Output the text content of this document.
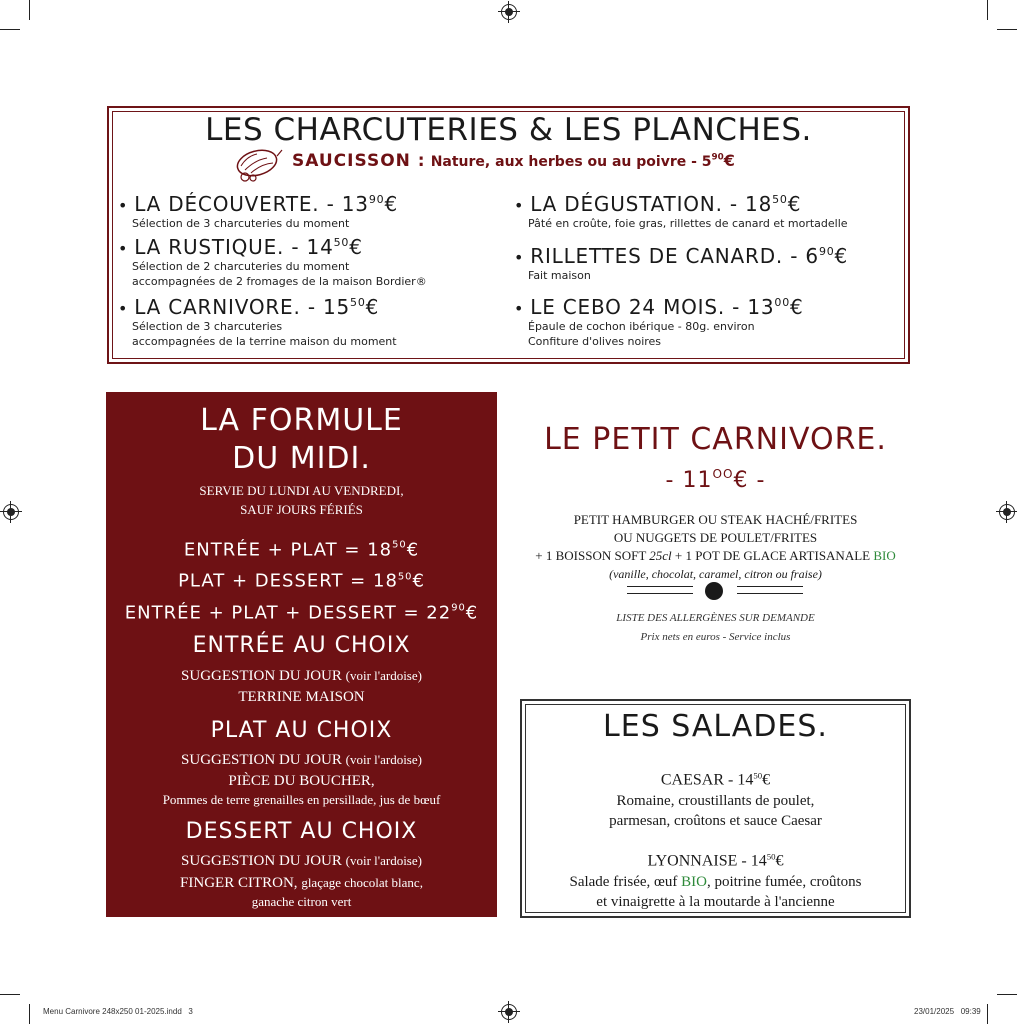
LES CHARCUTERIES & LES PLANCHES.
SAUCISSON : Nature, aux herbes ou au poivre - $5^{90}€$
• LA DÉCOUVERTE. - $13^{90}€$
Sélection de 3 charcuteries du moment
• LA RUSTIQUE. - $14^{50}€$
Sélection de 2 charcuteries du moment
accompagnées de 2 fromages de la maison Bordier®
• LA CARNIVORE. - $15^{50}€$
Sélection de 3 charcuteries
accompagnées de la terrine maison du moment
• LA DÉGUSTATION. - $18^{50}€$
Pâté en croûte, foie gras, rillettes de canard et mortadelle
• RILLETTES DE CANARD. - $6^{90}€$
Fait maison
• LE CEBO 24 MOIS. - $13^{00}€$
Épaule de cochon ibérique - 80g. environ
Confiture d'olives noires
LA FORMULE
DU MIDI.
SERVIE DU LUNDI AU VENDREDI,
SAUF JOURS FÉRIÉS
ENTRÉE + PLAT = $18^{50}€$
PLAT + DESSERT = $18^{50}€$
ENTRÉE + PLAT + DESSERT = $22^{90}€$
ENTRÉE AU CHOIX
SUGGESTION DU JOUR (voir l'ardoise)
TERRINE MAISON
PLAT AU CHOIX
SUGGESTION DU JOUR (voir l'ardoise)
PIÈCE DU BOUCHER,
Pommes de terre grenailles en persillade, jus de bœuf
DESSERT AU CHOIX
SUGGESTION DU JOUR (voir l'ardoise)
FINGER CITRON, glaçage chocolat blanc,
ganache citron vert
LE PETIT CARNIVORE.
- $11^{OO}€$ -
PETIT HAMBURGER OU STEAK HACHÉ/FRITES
OU NUGGETS DE POULET/FRITES
+ 1 BOISSON SOFT 25cl + 1 POT DE GLACE ARTISANALE BIO
(vanille, chocolat, caramel, citron ou fraise)
LISTE DES ALLERGÈNES SUR DEMANDE
Prix nets en euros - Service inclus
LES SALADES.
CAESAR - $14^{50}€$
Romaine, croustillants de poulet,
parmesan, croûtons et sauce Caesar
LYONNAISE - $14^{50}€$
Salade frisée, œuf BIO, poitrine fumée, croûtons
et vinaigrette à la moutarde à l'ancienne
Menu Carnivore 248x250 01-2025.indd   3	23/01/2025   09:39
